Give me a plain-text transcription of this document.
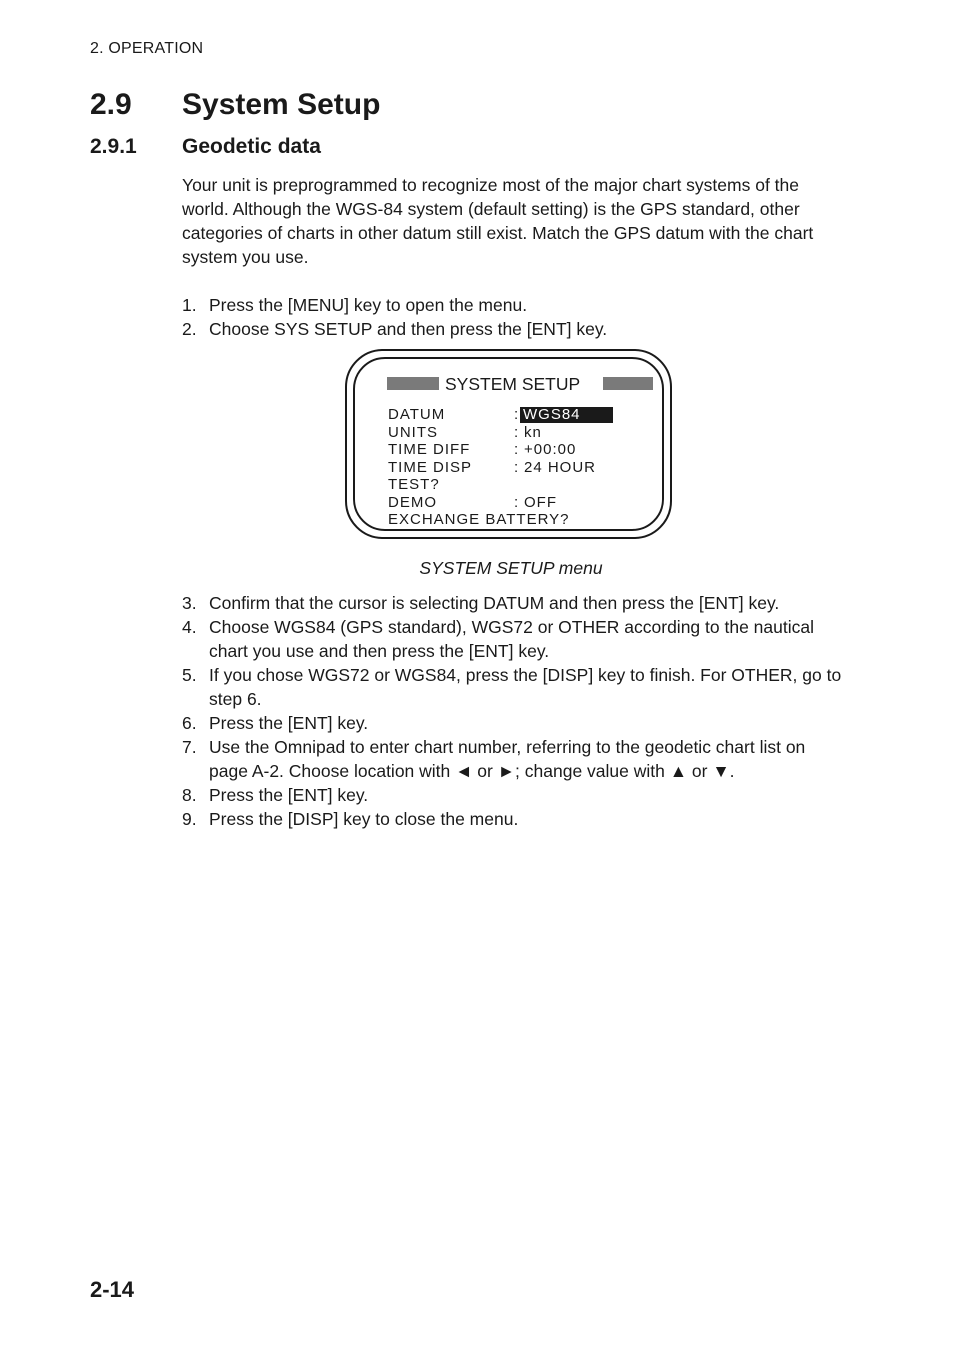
2. OPERATION
2.9 System Setup
2.9.1 Geodetic data

Your unit is preprogrammed to recognize most of the major chart systems of the world. Although the WGS-84 system (default setting) is the GPS standard, other categories of charts in other datum still exist. Match the GPS datum with the chart system you use.

1. Press the [MENU] key to open the menu.
2. Choose SYS SETUP and then press the [ENT] key.
SYSTEM SETUP
DATUM	: WGS84
UNITS	: kn
TIME DIFF	: +00:00
TIME DISP	: 24 HOUR
TEST?
DEMO	: OFF
EXCHANGE BATTERY?
SYSTEM SETUP menu
3. Confirm that the cursor is selecting DATUM and then press the [ENT] key.
4. Choose WGS84 (GPS standard), WGS72 or OTHER according to the nautical chart you use and then press the [ENT] key.
5. If you chose WGS72 or WGS84, press the [DISP] key to finish. For OTHER, go to step 6.
6. Press the [ENT] key.
7. Use the Omnipad to enter chart number, referring to the geodetic chart list on page A-2. Choose location with ◄ or ►; change value with ▲ or ▼.
8. Press the [ENT] key.
9. Press the [DISP] key to close the menu.
2-14
